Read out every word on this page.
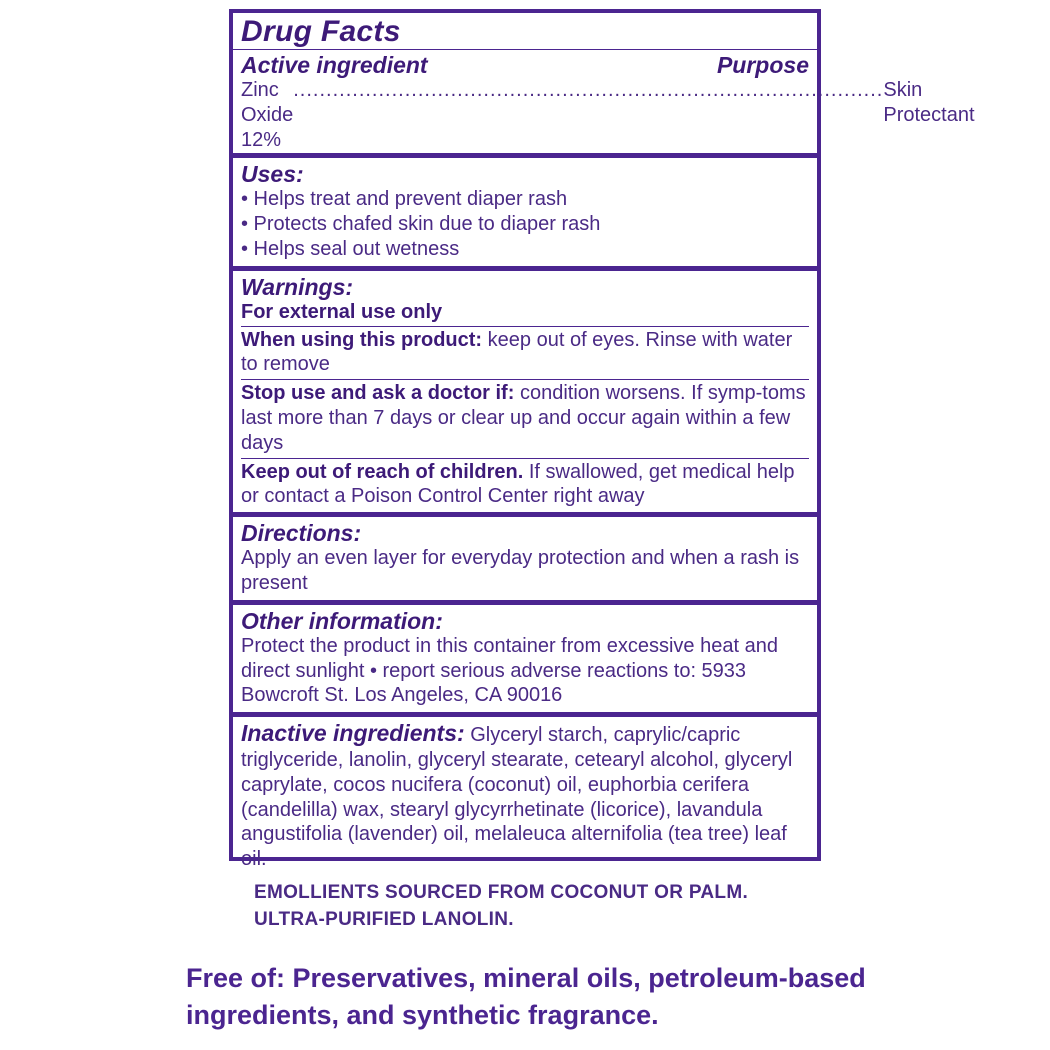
Drug Facts
Active ingredient	Purpose
Zinc Oxide 12%
.......................................................................................... Skin Protectant
Uses:
• Helps treat and prevent diaper rash
• Protects chafed skin due to diaper rash
• Helps seal out wetness
Warnings:
For external use only
When using this product: keep out of eyes. Rinse with water to remove
Stop use and ask a doctor if: condition worsens. If symp-toms last more than 7 days or clear up and occur again within a few days
Keep out of reach of children. If swallowed, get medical help or contact a Poison Control Center right away
Directions:
Apply an even layer for everyday protection and when a rash is present
Other information:
Protect the product in this container from excessive heat and direct sunlight • report serious adverse reactions to: 5933 Bowcroft St. Los Angeles, CA 90016
Inactive ingredients: Glyceryl starch, caprylic/capric triglyceride, lanolin, glyceryl stearate, cetearyl alcohol, glyceryl caprylate, cocos nucifera (coconut) oil, euphorbia cerifera (candelilla) wax, stearyl glycyrrhetinate (licorice), lavandula angustifolia (lavender) oil, melaleuca alternifolia (tea tree) leaf oil.
EMOLLIENTS SOURCED FROM COCONUT OR PALM.
ULTRA-PURIFIED LANOLIN.
Free of: Preservatives, mineral oils, petroleum-based ingredients, and synthetic fragrance.
